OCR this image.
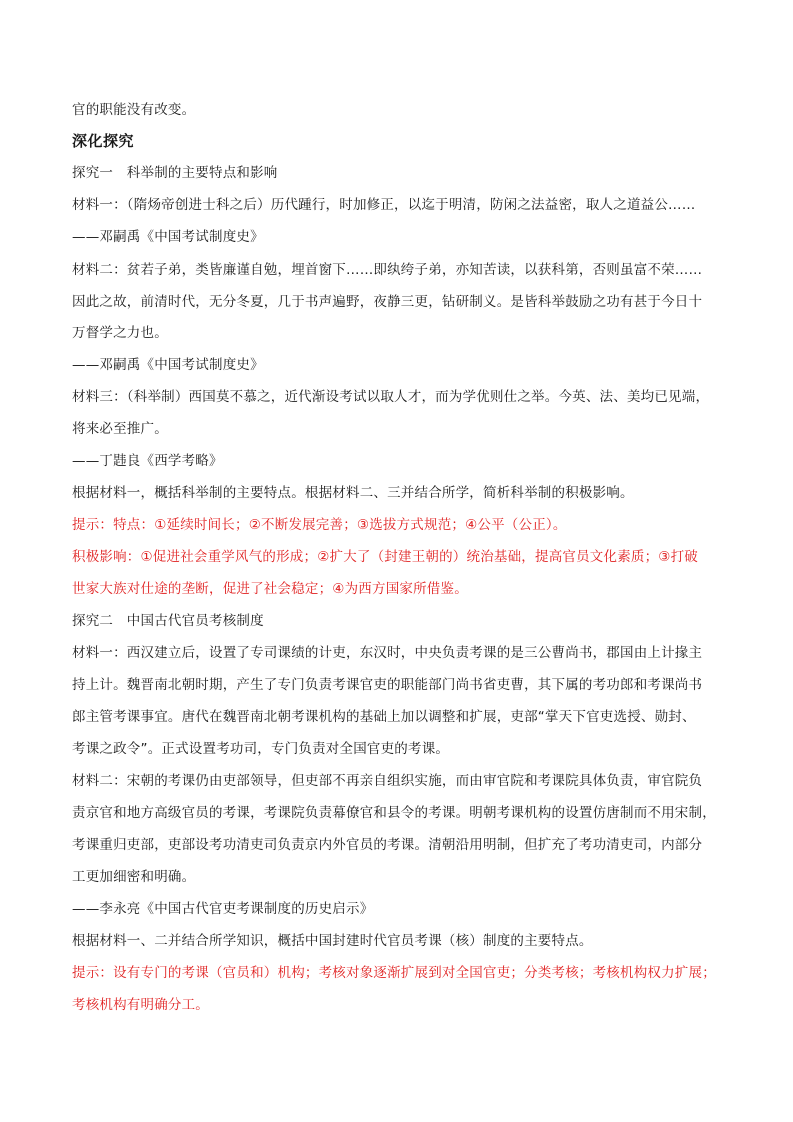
官的职能没有改变。
深化探究
探究一　科举制的主要特点和影响
材料一：（隋炀帝创进士科之后）历代踵行，时加修正，以迄于明清，防闲之法益密，取人之道益公……
——邓嗣禹《中国考试制度史》
材料二：贫若子弟，类皆廉谨自勉，埋首窗下……即纨绔子弟，亦知苦读，以获科第，否则虽富不荣……
因此之故，前清时代，无分冬夏，几于书声遍野，夜静三更，钻研制义。是皆科举鼓励之功有甚于今日十
万督学之力也。
——邓嗣禹《中国考试制度史》
材料三：（科举制）西国莫不慕之，近代渐设考试以取人才，而为学优则仕之举。今英、法、美均已见端，
将来必至推广。
——丁韪良《西学考略》
根据材料一，概括科举制的主要特点。根据材料二、三并结合所学，简析科举制的积极影响。
提示：特点：①延续时间长；②不断发展完善；③选拔方式规范；④公平（公正）。
积极影响：①促进社会重学风气的形成；②扩大了（封建王朝的）统治基础，提高官员文化素质；③打破
世家大族对仕途的垄断，促进了社会稳定；④为西方国家所借鉴。
探究二　中国古代官员考核制度
材料一：西汉建立后，设置了专司课绩的计吏，东汉时，中央负责考课的是三公曹尚书，郡国由上计掾主
持上计。魏晋南北朝时期，产生了专门负责考课官吏的职能部门尚书省吏曹，其下属的考功郎和考课尚书
郎主管考课事宜。唐代在魏晋南北朝考课机构的基础上加以调整和扩展，吏部“掌天下官吏选授、勋封、
考课之政令”。正式设置考功司，专门负责对全国官吏的考课。
材料二：宋朝的考课仍由吏部领导，但吏部不再亲自组织实施，而由审官院和考课院具体负责，审官院负
责京官和地方高级官员的考课，考课院负责幕僚官和县令的考课。明朝考课机构的设置仿唐制而不用宋制，
考课重归吏部，吏部设考功清吏司负责京内外官员的考课。清朝沿用明制，但扩充了考功清吏司，内部分
工更加细密和明确。
——李永亮《中国古代官吏考课制度的历史启示》
根据材料一、二并结合所学知识，概括中国封建时代官员考课（核）制度的主要特点。
提示：设有专门的考课（官员和）机构；考核对象逐渐扩展到对全国官吏；分类考核；考核机构权力扩展；
考核机构有明确分工。
